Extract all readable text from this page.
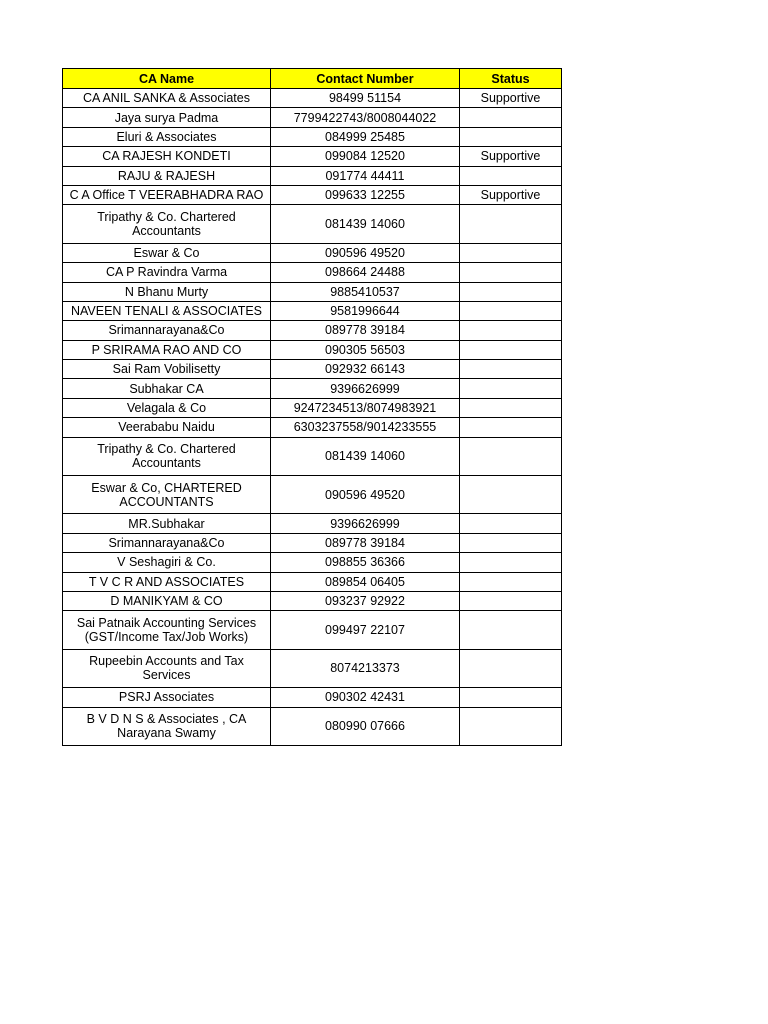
CA Name	Contact Number	Status
CA ANIL SANKA & Associates	98499 51154	Supportive
Jaya surya Padma	7799422743/8008044022	
Eluri & Associates	084999 25485	
CA RAJESH KONDETI	099084 12520	Supportive
RAJU & RAJESH	091774 44411	
C A Office T VEERABHADRA RAO	099633 12255	Supportive
Tripathy & Co. Chartered Accountants	081439 14060	
Eswar & Co	090596 49520	
CA P Ravindra Varma	098664 24488	
N Bhanu Murty	9885410537	
NAVEEN TENALI & ASSOCIATES	9581996644	
Srimannarayana&Co	089778 39184	
P SRIRAMA RAO AND CO	090305 56503	
Sai Ram Vobilisetty	092932 66143	
Subhakar CA	9396626999	
Velagala & Co	9247234513/8074983921	
Veerababu Naidu	6303237558/9014233555	
Tripathy & Co. Chartered Accountants	081439 14060	
Eswar & Co, CHARTERED ACCOUNTANTS	090596 49520	
MR.Subhakar	9396626999	
Srimannarayana&Co	089778 39184	
V Seshagiri & Co.	098855 36366	
T V C R AND ASSOCIATES	089854 06405	
D MANIKYAM & CO	093237 92922	
Sai Patnaik Accounting Services (GST/Income Tax/Job Works)	099497 22107	
Rupeebin Accounts and Tax Services	8074213373	
PSRJ Associates	090302 42431	
B V D N S & Associates , CA Narayana Swamy	080990 07666	
